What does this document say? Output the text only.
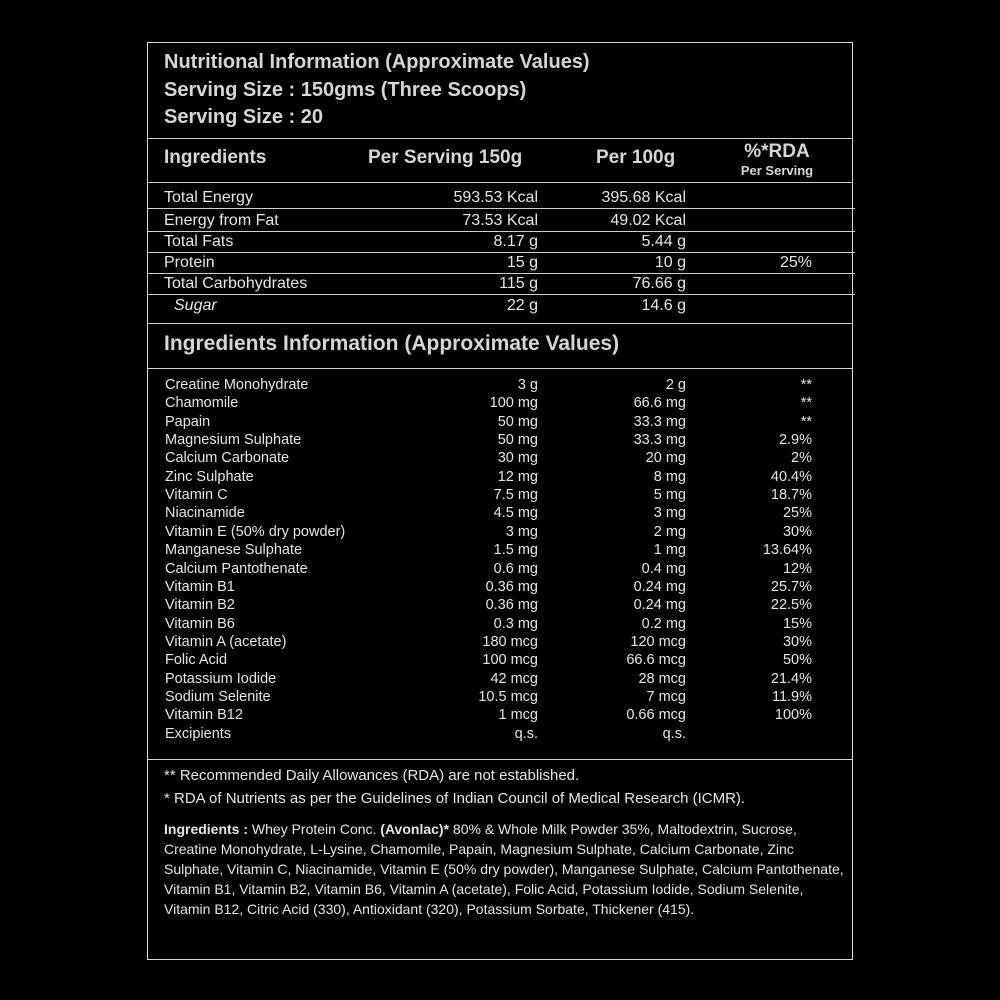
Nutritional Information (Approximate Values)
Serving Size : 150gms (Three Scoops)
Serving Size : 20
Ingredients	Per Serving 150g	Per 100g	%*RDA
Per Serving
Total Energy	593.53 Kcal	395.68 Kcal
Energy from Fat	73.53 Kcal	49.02 Kcal
Total Fats	8.17 g	5.44 g
Protein	15 g	10 g	25%
Total Carbohydrates	115 g	76.66 g
Sugar	22 g	14.6 g
Ingredients Information (Approximate Values)
Creatine Monohydrate	3 g	2 g	**
Chamomile	100 mg	66.6 mg	**
Papain	50 mg	33.3 mg	**
Magnesium Sulphate	50 mg	33.3 mg	2.9%
Calcium Carbonate	30 mg	20 mg	2%
Zinc Sulphate	12 mg	8 mg	40.4%
Vitamin C	7.5 mg	5 mg	18.7%
Niacinamide	4.5 mg	3 mg	25%
Vitamin E (50% dry powder)	3 mg	2 mg	30%
Manganese Sulphate	1.5 mg	1 mg	13.64%
Calcium Pantothenate	0.6 mg	0.4 mg	12%
Vitamin B1	0.36 mg	0.24 mg	25.7%
Vitamin B2	0.36 mg	0.24 mg	22.5%
Vitamin B6	0.3 mg	0.2 mg	15%
Vitamin A (acetate)	180 mcg	120 mcg	30%
Folic Acid	100 mcg	66.6 mcg	50%
Potassium Iodide	42 mcg	28 mcg	21.4%
Sodium Selenite	10.5 mcg	7 mcg	11.9%
Vitamin B12	1 mcg	0.66 mcg	100%
Excipients	q.s.	q.s.
** Recommended Daily Allowances (RDA) are not established.
* RDA of Nutrients as per the Guidelines of Indian Council of Medical Research (ICMR).
Ingredients : Whey Protein Conc. (Avonlac)* 80% & Whole Milk Powder 35%, Maltodextrin, Sucrose, Creatine Monohydrate, L-Lysine, Chamomile, Papain, Magnesium Sulphate, Calcium Carbonate, Zinc Sulphate, Vitamin C, Niacinamide, Vitamin E (50% dry powder), Manganese Sulphate, Calcium Pantothenate, Vitamin B1, Vitamin B2, Vitamin B6, Vitamin A (acetate), Folic Acid, Potassium Iodide, Sodium Selenite, Vitamin B12, Citric Acid (330), Antioxidant (320), Potassium Sorbate, Thickener (415).
